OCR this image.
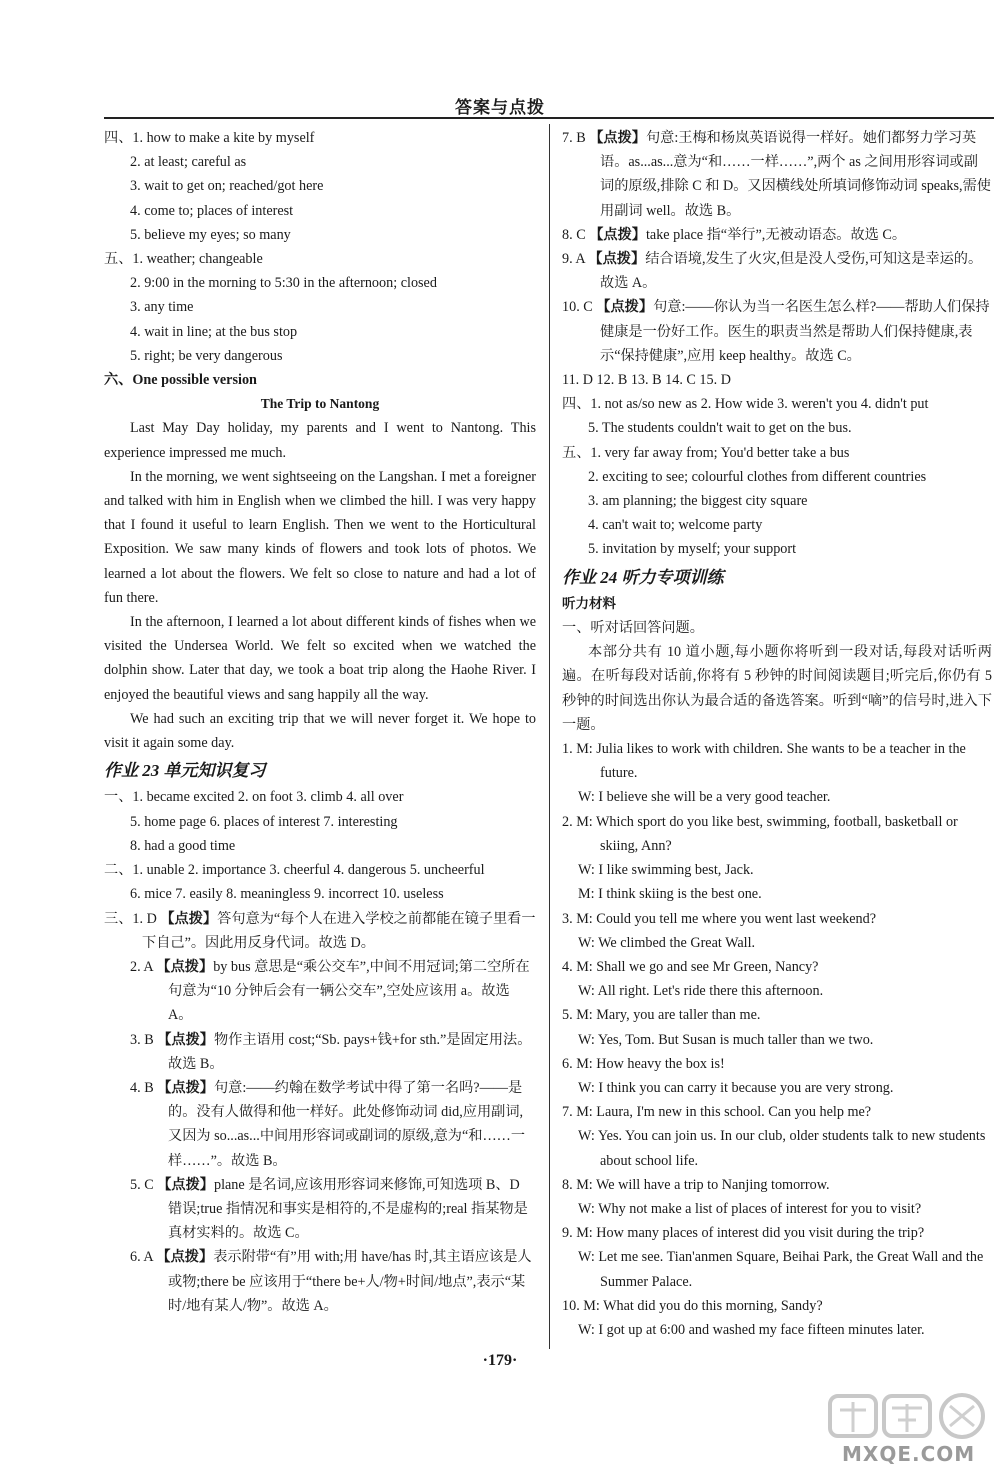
答案与点拨
四、1. how to make a kite by myself
2. at least; careful as
3. wait to get on; reached/got here
4. come to; places of interest
5. believe my eyes; so many
五、1. weather; changeable
2. 9:00 in the morning to 5:30 in the afternoon; closed
3. any time
4. wait in line; at the bus stop
5. right; be very dangerous
六、One possible version
The Trip to Nantong
Last May Day holiday, my parents and I went to Nantong. This experience impressed me much.
In the morning, we went sightseeing on the Langshan. I met a foreigner and talked with him in English when we climbed the hill. I was very happy that I found it useful to learn English. Then we went to the Horticultural Exposition. We saw many kinds of flowers and took lots of photos. We learned a lot about the flowers. We felt so close to nature and had a lot of fun there.
In the afternoon, I learned a lot about different kinds of fishes when we visited the Undersea World. We felt so excited when we watched the dolphin show. Later that day, we took a boat trip along the Haohe River. I enjoyed the beautiful views and sang happily all the way.
We had such an exciting trip that we will never forget it. We hope to visit it again some day.
作业 23 单元知识复习
一、1. became excited 2. on foot 3. climb 4. all over
5. home page 6. places of interest 7. interesting
8. had a good time
二、1. unable 2. importance 3. cheerful 4. dangerous 5. uncheerful
6. mice 7. easily 8. meaningless 9. incorrect 10. useless
三、1. D 【点拨】答句意为“每个人在进入学校之前都能在镜子里看一下自己”。因此用反身代词。故选 D。
2. A 【点拨】by bus 意思是“乘公交车”,中间不用冠词;第二空所在句意为“10 分钟后会有一辆公交车”,空处应该用 a。故选 A。
3. B 【点拨】物作主语用 cost;“Sb. pays+钱+for sth.”是固定用法。故选 B。
4. B 【点拨】句意:——约翰在数学考试中得了第一名吗?——是的。没有人做得和他一样好。此处修饰动词 did,应用副词,又因为 so...as...中间用形容词或副词的原级,意为“和……一样……”。故选 B。
5. C 【点拨】plane 是名词,应该用形容词来修饰,可知选项 B、D 错误;true 指情况和事实是相符的,不是虚构的;real 指某物是真材实料的。故选 C。
6. A 【点拨】表示附带“有”用 with;用 have/has 时,其主语应该是人或物;there be 应该用于“there be+人/物+时间/地点”,表示“某时/地有某人/物”。故选 A。
7. B 【点拨】句意:王梅和杨岚英语说得一样好。她们都努力学习英语。as...as...意为“和……一样……”,两个 as 之间用形容词或副词的原级,排除 C 和 D。又因横线处所填词修饰动词 speaks,需使用副词 well。故选 B。
8. C 【点拨】take place 指“举行”,无被动语态。故选 C。
9. A 【点拨】结合语境,发生了火灾,但是没人受伤,可知这是幸运的。故选 A。
10. C 【点拨】句意:——你认为当一名医生怎么样?——帮助人们保持健康是一份好工作。医生的职责当然是帮助人们保持健康,表示“保持健康”,应用 keep healthy。故选 C。
11. D 12. B 13. B 14. C 15. D
四、1. not as/so new as 2. How wide 3. weren't you 4. didn't put
5. The students couldn't wait to get on the bus.
五、1. very far away from; You'd better take a bus
2. exciting to see; colourful clothes from different countries
3. am planning; the biggest city square
4. can't wait to; welcome party
5. invitation by myself; your support
作业 24 听力专项训练
听力材料
一、听对话回答问题。
本部分共有 10 道小题,每小题你将听到一段对话,每段对话听两遍。在听每段对话前,你将有 5 秒钟的时间阅读题目;听完后,你仍有 5 秒钟的时间选出你认为最合适的备选答案。听到“嘀”的信号时,进入下一题。
1. M: Julia likes to work with children. She wants to be a teacher in the future.
W: I believe she will be a very good teacher.
2. M: Which sport do you like best, swimming, football, basketball or skiing, Ann?
W: I like swimming best, Jack.
M: I think skiing is the best one.
3. M: Could you tell me where you went last weekend?
W: We climbed the Great Wall.
4. M: Shall we go and see Mr Green, Nancy?
W: All right. Let's ride there this afternoon.
5. M: Mary, you are taller than me.
W: Yes, Tom. But Susan is much taller than we two.
6. M: How heavy the box is!
W: I think you can carry it because you are very strong.
7. M: Laura, I'm new in this school. Can you help me?
W: Yes. You can join us. In our club, older students talk to new students about school life.
8. M: We will have a trip to Nanjing tomorrow.
W: Why not make a list of places of interest for you to visit?
9. M: How many places of interest did you visit during the trip?
W: Let me see. Tian'anmen Square, Beihai Park, the Great Wall and the Summer Palace.
10. M: What did you do this morning, Sandy?
W: I got up at 6:00 and washed my face fifteen minutes later.
·179·
MXQE.COM
